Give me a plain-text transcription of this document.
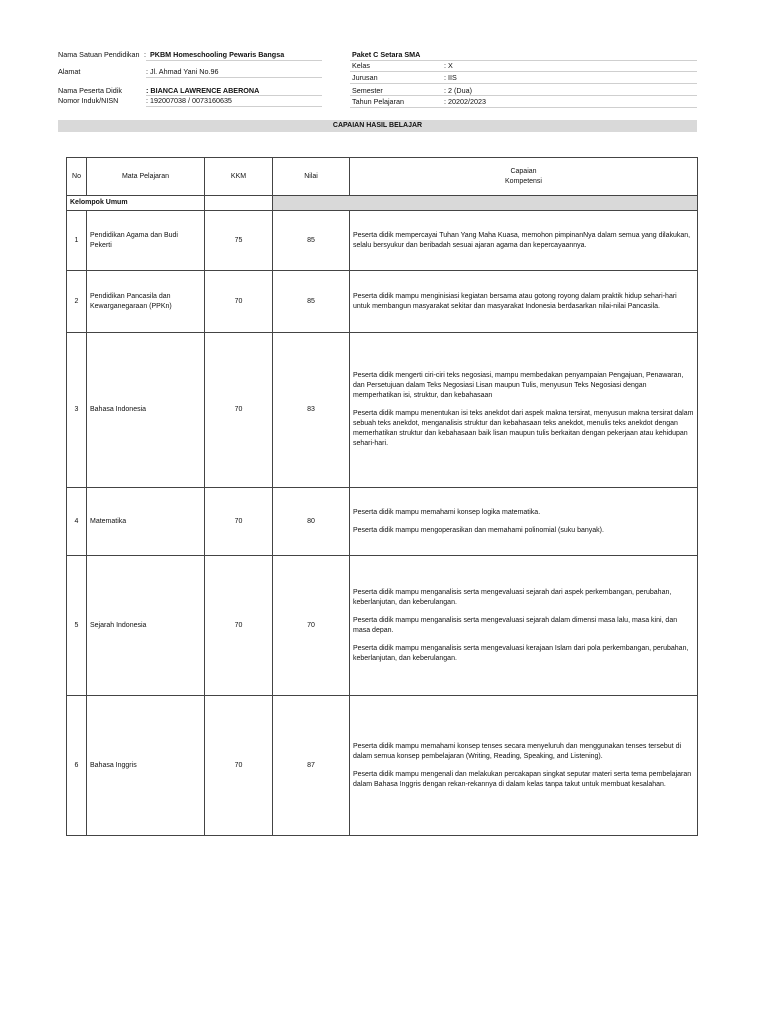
Nama Satuan Pendidikan : PKBM Homeschooling Pewaris Bangsa
Alamat	: Jl. Ahmad Yani No.96
Nama Peserta Didik	: BIANCA LAWRENCE ABERONA
Nomor Induk/NISN	: 192007038 / 0073160635
Paket C Setara SMA
Kelas	: X
Jurusan	: IIS
Semester	: 2 (Dua)
Tahun Pelajaran	: 20202/2023
CAPAIAN HASIL BELAJAR
No	Mata Pelajaran	KKM	Nilai	Capaian
Kompetensi

Kelompok Umum				
1	Pendidikan Agama dan Budi Pekerti	75	85	Peserta didik mempercayai Tuhan Yang Maha Kuasa, memohon pimpinanNya dalam semua yang dilakukan, selalu bersyukur dan beribadah sesuai ajaran agama dan kepercayaannya.

2	Pendidikan Pancasila dan Kewarganegaraan (PPKn)	70	85	Peserta didik mampu menginisiasi kegiatan bersama atau gotong royong dalam praktik hidup sehari-hari untuk membangun masyarakat sekitar dan masyarakat Indonesia berdasarkan nilai-nilai Pancasila.

3	Bahasa Indonesia	70	83	Peserta didik mengerti ciri-ciri teks negosiasi, mampu membedakan penyampaian Pengajuan, Penawaran, dan Persetujuan dalam Teks Negosiasi Lisan maupun Tulis, menyusun Teks Negosiasi dengan memperhatikan isi, struktur, dan kebahasaan

Peserta didik mampu menentukan isi teks anekdot dari aspek makna tersirat, menyusun makna tersirat dalam sebuah teks anekdot, menganalisis struktur dan kebahasaan teks anekdot, menulis teks anekdot dengan memerhatikan struktur dan kebahasaan baik lisan maupun tulis berkaitan dengan pekerjaan atau kehidupan sehari-hari.

4	Matematika	70	80	Peserta didik mampu memahami konsep logika matematika.

Peserta didik mampu mengoperasikan dan memahami polinomial (suku banyak).

5	Sejarah Indonesia	70	70	Peserta didik mampu menganalisis serta mengevaluasi sejarah dari aspek perkembangan, perubahan, keberlanjutan, dan keberulangan.

Peserta didik mampu menganalisis serta mengevaluasi sejarah dalam dimensi masa lalu, masa kini, dan masa depan.

Peserta didik mampu menganalisis serta mengevaluasi kerajaan Islam dari pola perkembangan, perubahan, keberlanjutan, dan keberulangan.

6	Bahasa Inggris	70	87	Peserta didik mampu memahami konsep tenses secara menyeluruh dan menggunakan tenses tersebut di dalam semua konsep pembelajaran (Writing, Reading, Speaking, and Listening).

Peserta didik mampu mengenali dan melakukan percakapan singkat seputar materi serta tema pembelajaran dalam Bahasa Inggris dengan rekan-rekannya di dalam kelas tanpa takut untuk membuat kesalahan.
